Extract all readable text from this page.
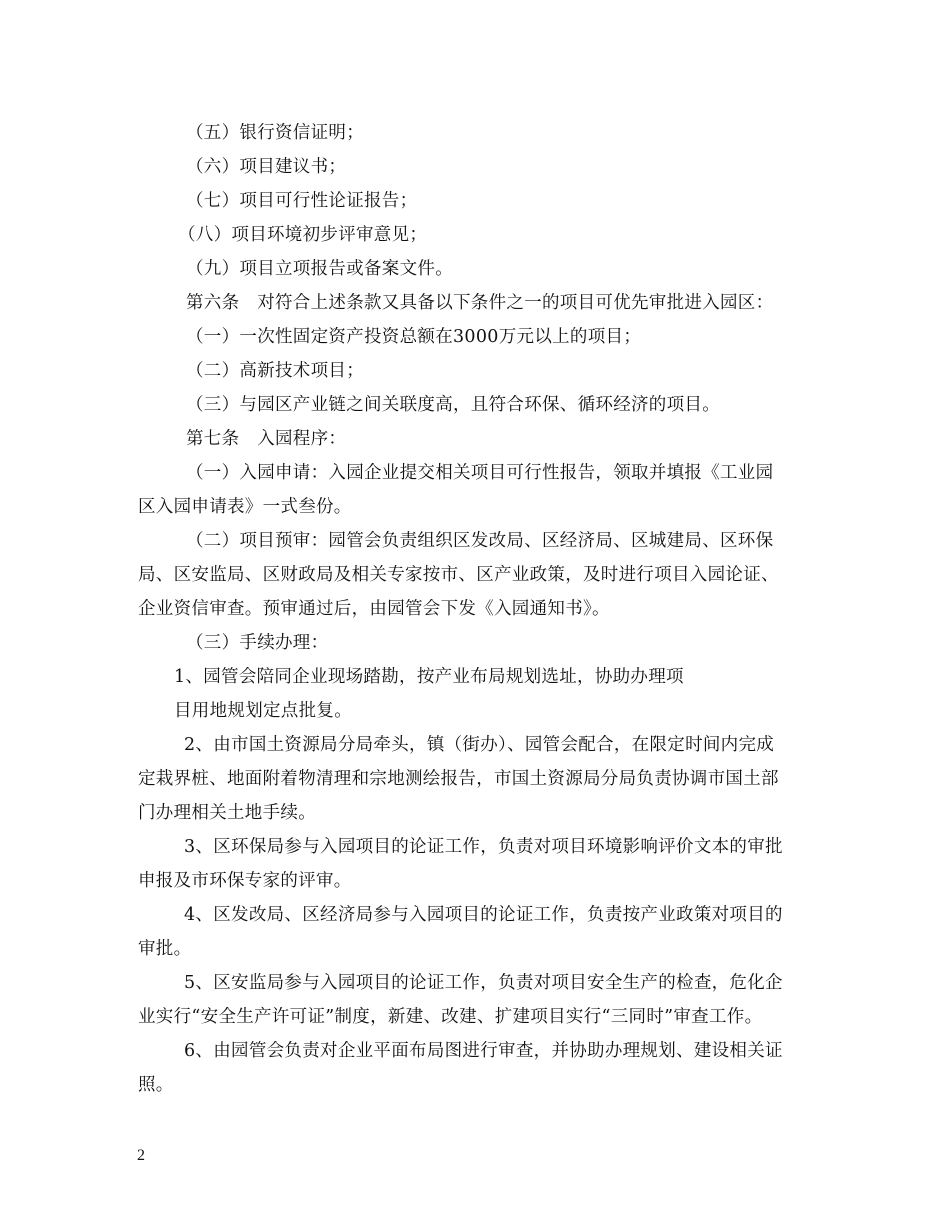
（五）银行资信证明；
（六）项目建议书；
（七）项目可行性论证报告；
（八）项目环境初步评审意见；
（九）项目立项报告或备案文件。
第六条　对符合上述条款又具备以下条件之一的项目可优先审批进入园区：
（一）一次性固定资产投资总额在3000万元以上的项目；
（二）高新技术项目；
（三）与园区产业链之间关联度高，且符合环保、循环经济的项目。
第七条　入园程序：
（一）入园申请：入园企业提交相关项目可行性报告，领取并填报《工业园
区入园申请表》一式叁份。
（二）项目预审：园管会负责组织区发改局、区经济局、区城建局、区环保
局、区安监局、区财政局及相关专家按市、区产业政策，及时进行项目入园论证、
企业资信审查。预审通过后，由园管会下发《入园通知书》。
（三）手续办理：
1、园管会陪同企业现场踏勘，按产业布局规划选址，协助办理项
目用地规划定点批复。
2、由市国土资源局分局牵头，镇（街办）、园管会配合，在限定时间内完成
定栽界桩、地面附着物清理和宗地测绘报告，市国土资源局分局负责协调市国土部
门办理相关土地手续。
3、区环保局参与入园项目的论证工作，负责对项目环境影响评价文本的审批
申报及市环保专家的评审。
4、区发改局、区经济局参与入园项目的论证工作，负责按产业政策对项目的
审批。
5、区安监局参与入园项目的论证工作，负责对项目安全生产的检查，危化企
业实行“安全生产许可证”制度，新建、改建、扩建项目实行“三同时”审查工作。
6、由园管会负责对企业平面布局图进行审查，并协助办理规划、建设相关证
照。
2
